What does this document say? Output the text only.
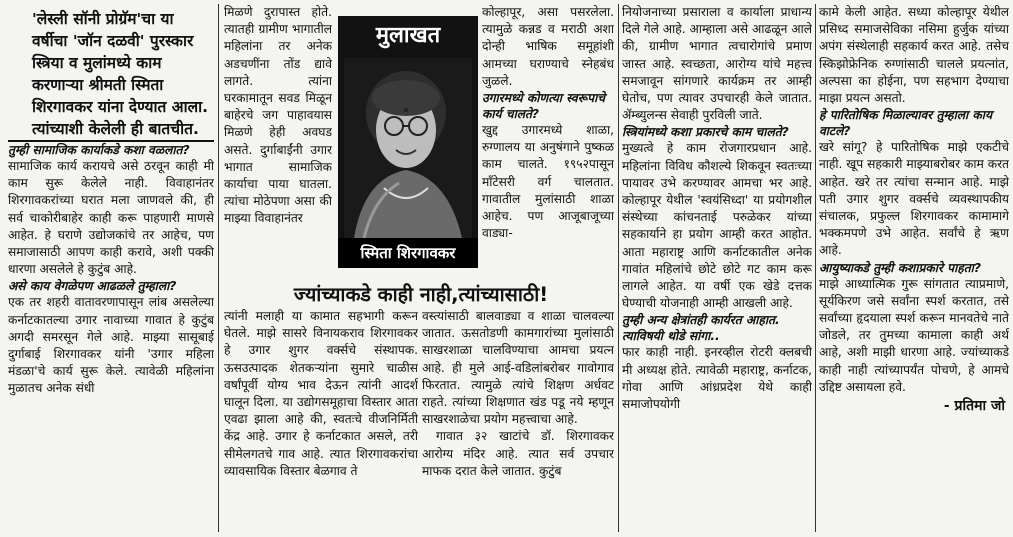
'लेस्ली सॉनी प्रोग्रॅम'चा या वर्षीचा 'जॉन दळवी' पुरस्कार स्त्रिया व मुलांमध्ये काम करणाऱ्या श्रीमती स्मिता शिरगावकर यांना देण्यात आला. त्यांच्याशी केलेली ही बातचीत.

तुम्ही सामाजिक कार्याकडे कशा वळलात?

सामाजिक कार्य करायचे असे ठरवून काही मी काम सुरू केलेले नाही. विवाहानंतर शिरगावकरांच्या घरात मला जाणवले की, ही सर्व चाकोरीबाहेर काही करू पाहणारी माणसे आहेत. हे घराणे उद्योजकांचे तर आहेच, पण समाजासाठी आपण काही करावे, अशी पक्की धारणा असलेले हे कुटुंब आहे.

असे काय वेगळेपण आढळले तुम्हाला?

एक तर शहरी वातावरणापासून लांब असलेल्या कर्नाटकातल्या उगार नावाच्या गावात हे कुटुंब अगदी समरसून गेले आहे. माझ्या सासूबाई दुर्गाबाई शिरगावकर यांनी 'उगार महिला मंडळा'चे कार्य सुरू केले. त्यावेळी महिलांना मुळातच अनेक संधी

मिळणे दुरापास्त होते. त्यातही ग्रामीण भागातील महिलांना तर अनेक अडचणींना तोंड द्यावे लागते. त्यांना घरकामातून सवड मिळून बाहेरचे जग पाहावयास मिळणे हेही अवघड असते. दुर्गाबाईंनी उगार भागात सामाजिक कार्याचा पाया घातला. त्यांचा मोठेपणा असा की माझ्या विवाहानंतर

मुलाखत
स्मिता शिरगावकर
ज्यांच्याकडे काही नाही,त्यांच्यासाठी!

त्यांनी मलाही या कामात सहभागी करून घेतले. माझे सासरे विनायकराव शिरगावकर हे उगार शुगर वर्क्सचे संस्थापक. ऊसउत्पादक शेतकऱ्यांना सुमारे चाळीस वर्षांपूर्वी योग्य भाव देऊन त्यांनी आदर्श घालून दिला. या उद्योगसमूहाचा विस्तार आता एवढा झाला आहे की, स्वतःचे वीजनिर्मिती केंद्र आहे. उगार हे कर्नाटकात असले, तरी सीमेलगतचे गाव आहे. त्यात शिरगावकरांचा व्यावसायिक विस्तार बेळगाव ते

कोल्हापूर, असा पसरलेला. त्यामुळे कन्नड व मराठी अशा दोन्ही भाषिक समूहांशी आमच्या घराण्याचे स्नेहबंध जुळले.

उगारमध्ये कोणत्या स्वरूपाचे कार्य चालते?

खुद्द उगारमध्ये शाळा, रुग्णालय या अनुषंगाने पुष्कळ काम चालते. १९५२पासून मॉंटेसरी वर्ग चालतात. गावातील मुलांसाठी शाळा आहेच. पण आजूबाजूच्या वाड्या-

वस्त्यांसाठी बालवाड्या व शाळा चालवल्या जातात. ऊसतोडणी कामगारांच्या मुलांसाठी साखरशाळा चालविण्याचा आमचा प्रयत्न आहे. ही मुले आई-वडिलांबरोबर गावोगाव फिरतात. त्यामुळे त्यांचे शिक्षण अर्धवट राहते. त्यांच्या शिक्षणात खंड पडू नये म्हणून साखरशाळेचा प्रयोग महत्त्वाचा आहे.

गावात ३२ खाटांचे डॉ. शिरगावकर आरोग्य मंदिर आहे. त्यात सर्व उपचार माफक दरात केले जातात. कुटुंब

नियोजनाच्या प्रसाराला व कार्याला प्राधान्य दिले गेले आहे. आम्हाला असे आढळून आले की, ग्रामीण भागात त्वचारोगांचे प्रमाण जास्त आहे. स्वच्छता, आरोग्य यांचे महत्त्व समजावून सांगणारे कार्यक्रम तर आम्ही घेतोच, पण त्यावर उपचारही केले जातात. ॲम्ब्युलन्स सेवाही पुरविली जाते.

स्त्रियांमध्ये कशा प्रकारचे काम चालते?

मुख्यत्वे हे काम रोजगारप्रधान आहे. महिलांना विविध कौशल्ये शिकवून स्वतःच्या पायावर उभे करण्यावर आमचा भर आहे. कोल्हापूर येथील 'स्वयंसिध्दा' या प्रयोगशील संस्थेच्या कांचनताई परुळेकर यांच्या सहकार्याने हा प्रयोग आम्ही करत आहोत. आता महाराष्ट्र आणि कर्नाटकातील अनेक गावांत महिलांचे छोटे छोटे गट काम करू लागले आहेत. या वर्षी एक खेडे दत्तक घेण्याची योजनाही आम्ही आखली आहे.

तुम्ही अन्य क्षेत्रांतही कार्यरत आहात. त्याविषयी थोडे सांगा..

फार काही नाही. इनरव्हील रोटरी क्लबची मी अध्यक्ष होते. त्यावेळी महाराष्ट्र, कर्नाटक, गोवा आणि आंध्रप्रदेश येथे काही समाजोपयोगी

कामे केली आहेत. सध्या कोल्हापूर येथील प्रसिध्द समाजसेविका नसिमा हुर्जुक यांच्या अपंग संस्थेलाही सहकार्य करत आहे. तसेच स्किझोफ्रेनिक रुग्णांसाठी चालले प्रयत्नांत, अल्पसा का होईना, पण सहभाग देण्याचा माझा प्रयत्न असतो.

हे पारितोषिक मिळाल्यावर तुम्हाला काय वाटले?

खरे सांगू? हे पारितोषिक माझे एकटीचे नाही. खूप सहकारी माझ्याबरोबर काम करत आहेत. खरे तर त्यांचा सन्मान आहे. माझे पती उगार शुगर वर्क्सचे व्यवस्थापकीय संचालक, प्रफुल्ल शिरगावकर कामामागे भक्कमपणे उभे आहेत. सर्वांचे हे ऋण आहे.

आयुष्याकडे तुम्ही कशाप्रकारे पाहता?

माझे आध्यात्मिक गुरू सांगतात त्याप्रमाणे, सूर्यकिरण जसे सर्वांना स्पर्श करतात, तसे सर्वांच्या हृदयाला स्पर्श करून मानवतेचे नाते जोडले, तर तुमच्या कामाला काही अर्थ आहे, अशी माझी धारणा आहे. ज्यांच्याकडे काही नाही त्यांच्यापर्यंत पोचणे, हे आमचे उद्दिष्ट असायला हवे.

- प्रतिमा जो
